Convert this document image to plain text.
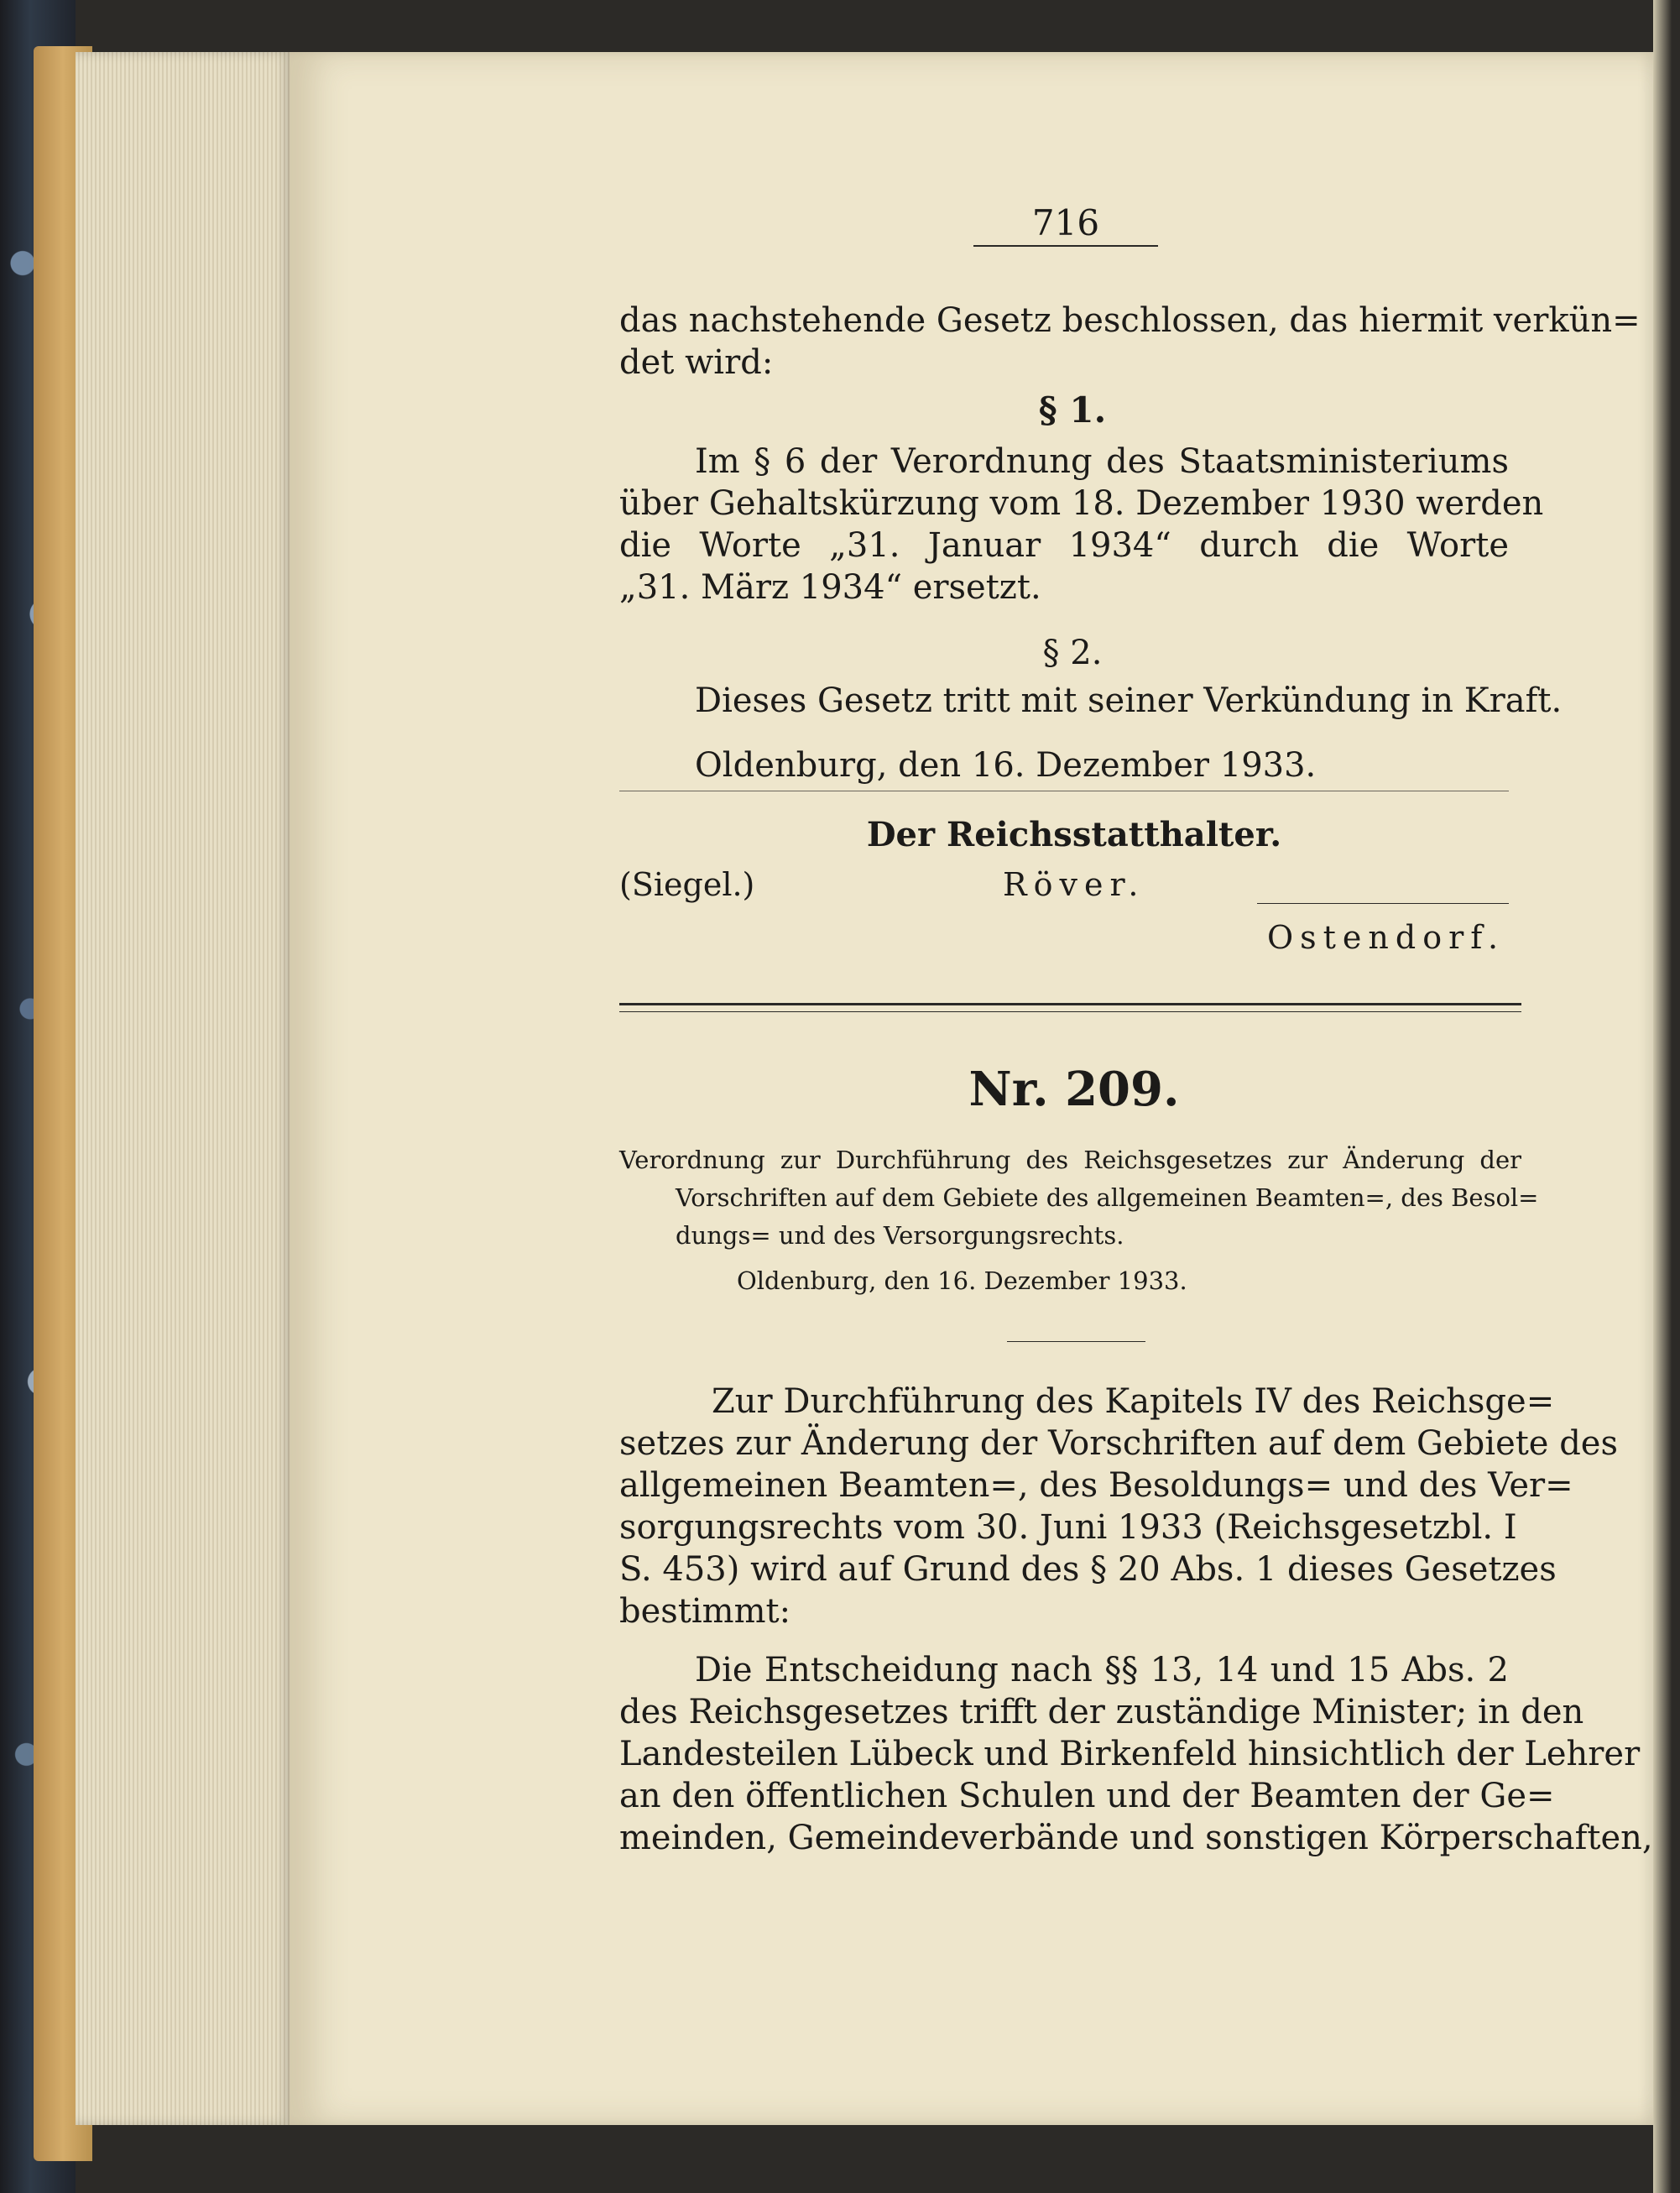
716
das nachstehende Gesetz beschlossen, das hiermit verkün=
det wird:
§ 1.
Im § 6 der Verordnung des Staatsministeriums
über Gehaltskürzung vom 18. Dezember 1930 werden
die Worte „31. Januar 1934“ durch die Worte
„31. März 1934“ ersetzt.
§ 2.
Dieses Gesetz tritt mit seiner Verkündung in Kraft.
Oldenburg, den 16. Dezember 1933.
Der Reichsstatthalter.
(Siegel.)	Röver.
Ostendorf.
Nr. 209.
Verordnung zur Durchführung des Reichsgesetzes zur Änderung der
Vorschriften auf dem Gebiete des allgemeinen Beamten=, des Besol=
dungs= und des Versorgungsrechts.
Oldenburg, den 16. Dezember 1933.
Zur Durchführung des Kapitels IV des Reichsge=
setzes zur Änderung der Vorschriften auf dem Gebiete des
allgemeinen Beamten=, des Besoldungs= und des Ver=
sorgungsrechts vom 30. Juni 1933 (Reichsgesetzbl. I
S. 453) wird auf Grund des § 20 Abs. 1 dieses Gesetzes
bestimmt:
Die Entscheidung nach §§ 13, 14 und 15 Abs. 2
des Reichsgesetzes trifft der zuständige Minister; in den
Landesteilen Lübeck und Birkenfeld hinsichtlich der Lehrer
an den öffentlichen Schulen und der Beamten der Ge=
meinden, Gemeindeverbände und sonstigen Körperschaften,
